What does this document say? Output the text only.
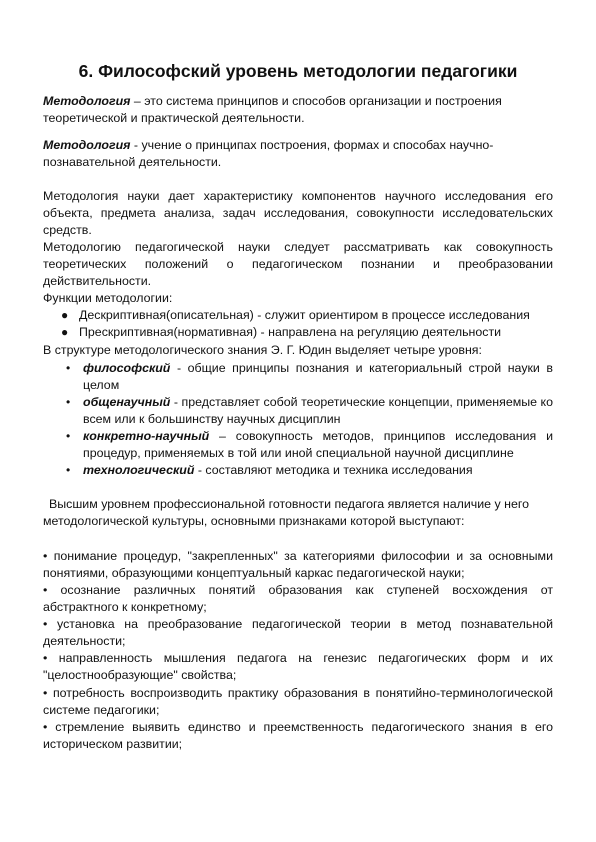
6. Философский уровень методологии педагогики
Методология – это система принципов и способов организации и построения теоретической и практической деятельности.
Методология - учение о принципах построения, формах и способах научно-познавательной деятельности.
Методология науки дает характеристику компонентов научного исследования его объекта, предмета анализа, задач исследования, совокупности исследовательских средств.
Методологию педагогической науки следует рассматривать как совокупность теоретических положений о педагогическом познании и преобразовании действительности.
Функции методологии:
● Дескриптивная(описательная) - служит ориентиром в процессе исследования
● Прескриптивная(нормативная) - направлена на регуляцию деятельности
В структуре методологического знания Э. Г. Юдин выделяет четыре уровня:
• философский - общие принципы познания и категориальный строй науки в целом
• общенаучный - представляет собой теоретические концепции, применяемые ко всем или к большинству научных дисциплин
• конкретно-научный – совокупность методов, принципов исследования и процедур, применяемых в той или иной специальной научной дисциплине
• технологический - составляют методика и техника исследования
Высшим уровнем профессиональной готовности педагога является наличие у него методологической культуры, основными признаками которой выступают:
• понимание процедур, "закрепленных" за категориями философии и за основными понятиями, образующими концептуальный каркас педагогической науки;
• осознание различных понятий образования как ступеней восхождения от абстрактного к конкретному;
• установка на преобразование педагогической теории в метод познавательной деятельности;
• направленность мышления педагога на генезис педагогических форм и их "целостнообразующие" свойства;
• потребность воспроизводить практику образования в понятийно-терминологической системе педагогики;
• стремление выявить единство и преемственность педагогического знания в его историческом развитии;
